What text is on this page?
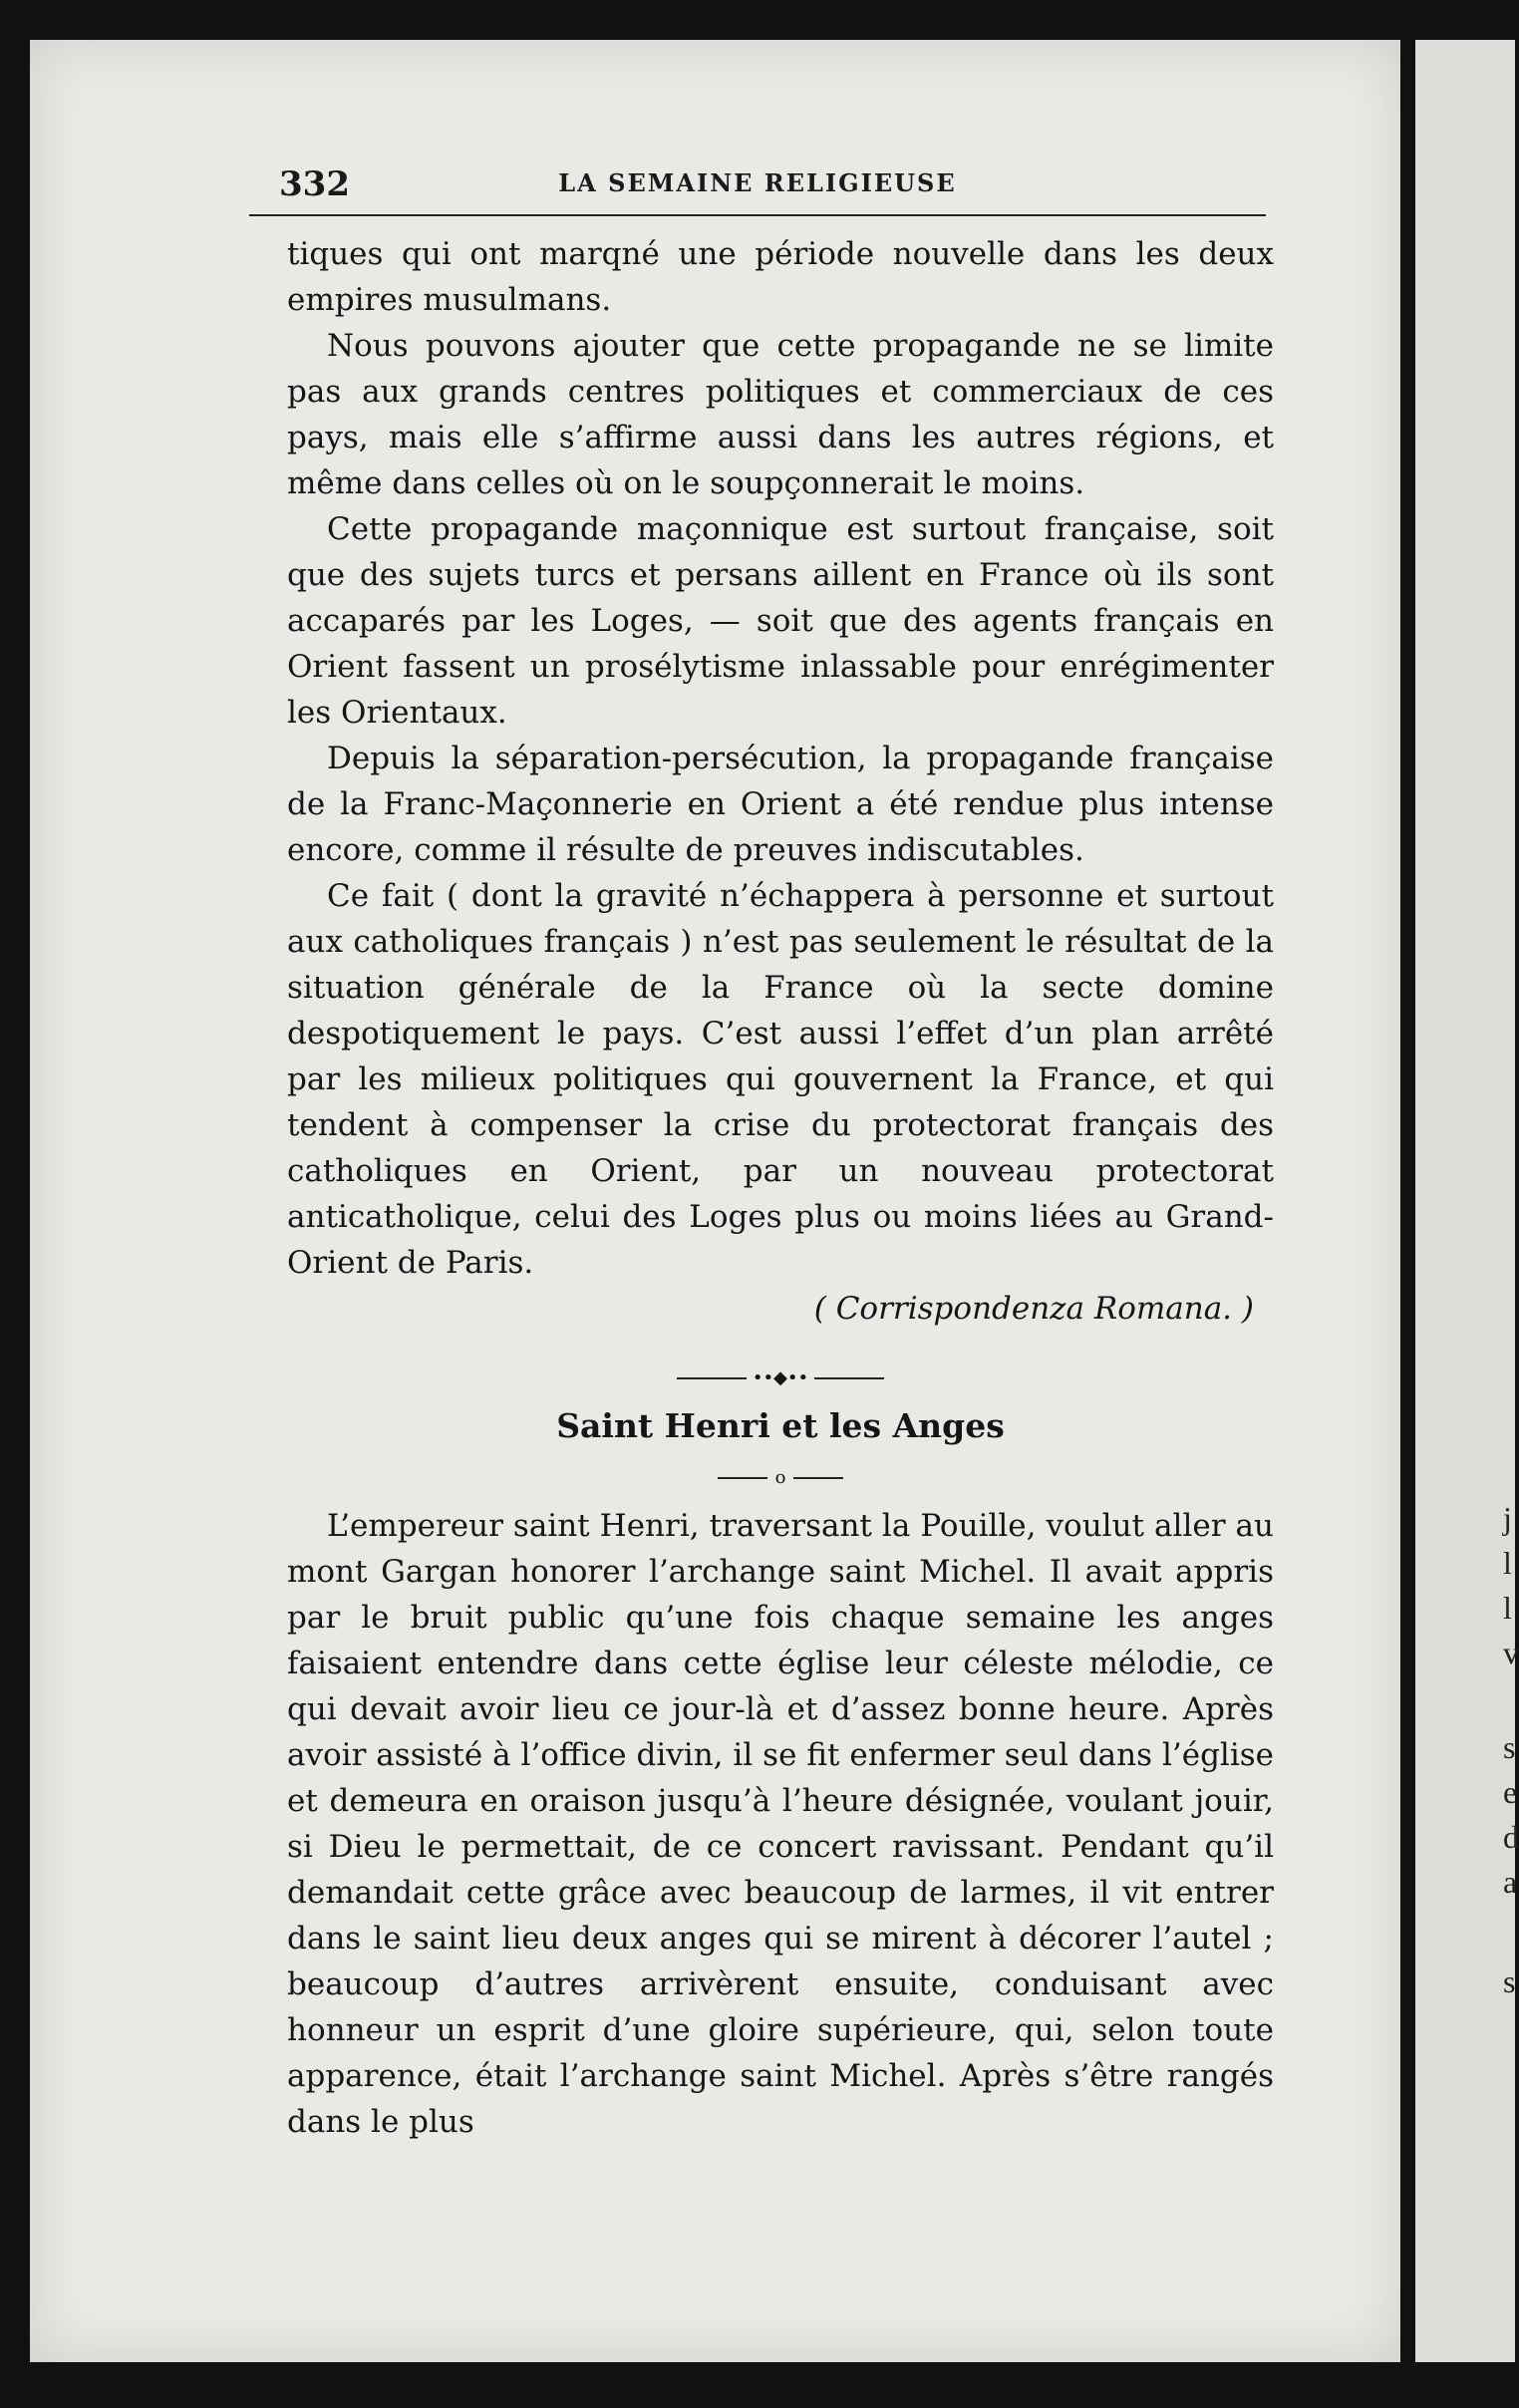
j
l
l
v
s
e
d
a
s
332	LA SEMAINE RELIGIEUSE

tiques qui ont marqné une période nouvelle dans les deux empires musulmans.

Nous pouvons ajouter que cette propagande ne se limite pas aux grands centres politiques et commerciaux de ces pays, mais elle s’affirme aussi dans les autres régions, et même dans celles où on le soupçonnerait le moins.

Cette propagande maçonnique est surtout française, soit que des sujets turcs et persans aillent en France où ils sont accaparés par les Loges, — soit que des agents français en Orient fassent un prosélytisme inlassable pour enrégimenter les Orientaux.

Depuis la séparation-persécution, la propagande française de la Franc-Maçonnerie en Orient a été rendue plus intense encore, comme il résulte de preuves indiscutables.

Ce fait ( dont la gravité n’échappera à personne et surtout aux catholiques français ) n’est pas seulement le résultat de la situation générale de la France où la secte domine despotiquement le pays. C’est aussi l’effet d’un plan arrêté par les milieux politiques qui gouvernent la France, et qui tendent à compenser la crise du protectorat français des catholiques en Orient, par un nouveau protectorat anticatholique, celui des Loges plus ou moins liées au Grand-Orient de Paris.

( Corrispondenza Romana. )

••◆••
Saint Henri et les Anges
o

L’empereur saint Henri, traversant la Pouille, voulut aller au mont Gargan honorer l’archange saint Michel. Il avait appris par le bruit public qu’une fois chaque semaine les anges faisaient entendre dans cette église leur céleste mélodie, ce qui devait avoir lieu ce jour-là et d’assez bonne heure. Après avoir assisté à l’office divin, il se fit enfermer seul dans l’église et demeura en oraison jusqu’à l’heure désignée, voulant jouir, si Dieu le permettait, de ce concert ravissant. Pendant qu’il demandait cette grâce avec beaucoup de larmes, il vit entrer dans le saint lieu deux anges qui se mirent à décorer l’autel ; beaucoup d’autres arrivèrent ensuite, conduisant avec honneur un esprit d’une gloire supérieure, qui, selon toute apparence, était l’archange saint Michel. Après s’être rangés dans le plus
